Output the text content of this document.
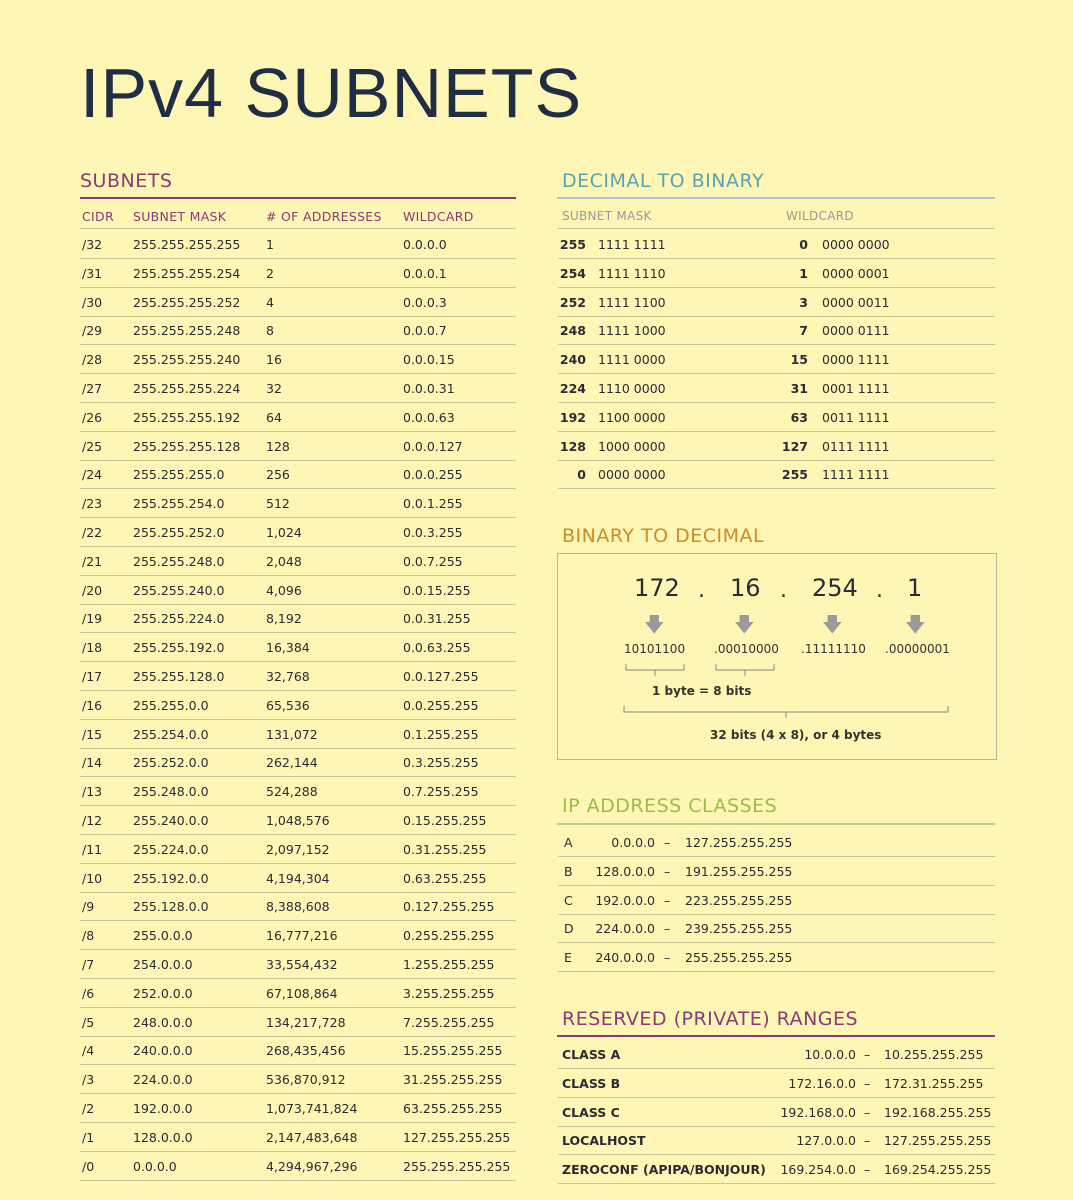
IPv4 SUBNETS
SUBNETS
CIDR SUBNET MASK	# OF ADDRESSES WILDCARD
/32 255.255.255.255 1	0.0.0.0
/31 255.255.255.254 2	0.0.0.1
/30 255.255.255.252 4	0.0.0.3
/29 255.255.255.248 8	0.0.0.7
/28 255.255.255.240 16	0.0.0.15
/27 255.255.255.224 32	0.0.0.31
/26 255.255.255.192 64	0.0.0.63
/25 255.255.255.128 128	0.0.0.127
/24 255.255.255.0	256	0.0.0.255
/23 255.255.254.0	512	0.0.1.255
/22 255.255.252.0	1,024	0.0.3.255
/21 255.255.248.0	2,048	0.0.7.255
/20 255.255.240.0	4,096	0.0.15.255
/19 255.255.224.0	8,192	0.0.31.255
/18 255.255.192.0	16,384	0.0.63.255
/17 255.255.128.0	32,768	0.0.127.255
/16 255.255.0.0	65,536	0.0.255.255
/15 255.254.0.0	131,072	0.1.255.255
/14 255.252.0.0	262,144	0.3.255.255
/13 255.248.0.0	524,288	0.7.255.255
/12 255.240.0.0	1,048,576	0.15.255.255
/11 255.224.0.0	2,097,152	0.31.255.255
/10 255.192.0.0	4,194,304	0.63.255.255
/9	255.128.0.0	8,388,608	0.127.255.255
/8	255.0.0.0	16,777,216	0.255.255.255
/7	254.0.0.0	33,554,432	1.255.255.255
/6	252.0.0.0	67,108,864	3.255.255.255
/5	248.0.0.0	134,217,728	7.255.255.255
/4	240.0.0.0	268,435,456	15.255.255.255
/3	224.0.0.0	536,870,912	31.255.255.255
/2	192.0.0.0	1,073,741,824	63.255.255.255
/1	128.0.0.0	2,147,483,648	127.255.255.255
/0	0.0.0.0	4,294,967,296	255.255.255.255
DECIMAL TO BINARY
SUBNET MASK	WILDCARD
255 1111 1111	0 0000 0000
254 1111 1110	1 0000 0001
252 1111 1100	3 0000 0011
248 1111 1000	7 0000 0111
240 1111 0000	15 0000 1111
224 1110 0000	31 0001 1111
192 1100 0000	63 0011 1111
128 1000 0000	127 0111 1111
0 0000 0000	255 1111 1111
BINARY TO DECIMAL
172 . 16 . 254 . 1
🡇	🡇	🡇	🡇
10101100 .00010000 .11111110 .00000001
1 byte = 8 bits
32 bits (4 x 8), or 4 bytes
IP ADDRESS CLASSES
A	0.0.0.0 – 127.255.255.255
B	128.0.0.0 – 191.255.255.255
C	192.0.0.0 – 223.255.255.255
D	224.0.0.0 – 239.255.255.255
E	240.0.0.0 – 255.255.255.255
RESERVED (PRIVATE) RANGES
CLASS A	10.0.0.0 – 10.255.255.255
CLASS B	172.16.0.0 – 172.31.255.255
CLASS C	192.168.0.0 – 192.168.255.255
LOCALHOST	127.0.0.0 – 127.255.255.255
ZEROCONF (APIPA/BONJOUR)	169.254.0.0 – 169.254.255.255
